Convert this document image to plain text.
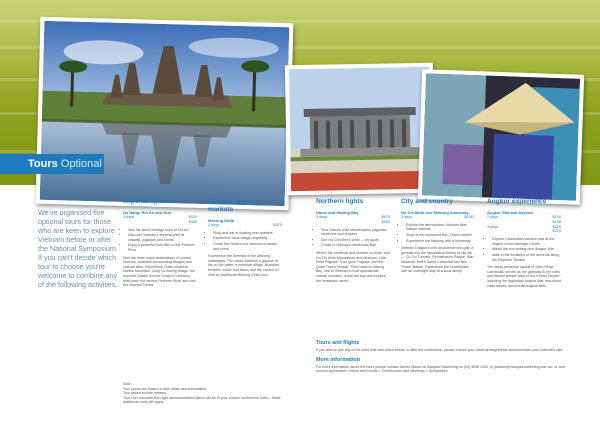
Tours Optional
We've organised five optional tours for those who are keen to explore Vietnam before or after the National Symposium. If you can't decide which tour to choose you're welcome to combine any of the following activities.
Imperial splendour
Da Nang, Hoi An and Hue
3 days	$420
$365
• Visit the world heritage town of Hoi An
• Discover Vietnam's imperial past at citadels, pagodas and tombs
• Enjoy a peaceful boat ride on the Perfume River

Visit the three major destinations of central Vietnam, beautiful surrounding villages and cultural sites. Experience Cham Museum, Marble Mountain, Lang Co fishing village, the Imperial Citadel (former Kings of Vietnam), float down the serene Perfume River and visit the Imperial Tombs.

Mekong and the markets
Mekong Delta
2 days	$375
• Shop and eat at floating river markets
• Experience local village hospitality
• Cruise the Delta's rich network of canals and rivers

Experience the diversity of the Mekong waterways. The cruise features a glimpse of life on the water, a riverside village, Buddhist temples, exotic fruit farms and the chance to dine on traditional Mekong Delta food.

Northern lights
Hanoi and Halong Bay
3 days	$675
$655
• Tour Hanoi's vivid streetscapes, pagodas, museums and temples
• See Ho Chi Minh's tomb — by quote
• Cruise to Halong's mysterious Bay

Where the medieval and modern co-exist, visit Ho Chi Minh Mausoleum and Museum, One Pillar Pagoda, Tran Quoc Pagoda, and the Quan Thanh Temple. Then head to Halong Bay, one of Vietnam's most spectacular natural wonders, cruise the bay and explore the limestone caves.

City and country
Ho Chi Minh and Mekong homestay
3 days	$1067
• Explore the atmospheric Vietnam Wall Saloon markets
• Shop at the renowned Ben Thanh market
• Experience the Mekong with a homestay

Vietnam Dragon's lush decadence and gain a glimpse into the fascinating history of city life — Cu Chi Tunnels, Reunification Palace, War Museum, Notre Dame Cathedral and Ben Thanh Market. Experience the countryside with an overnight stay at a local family.

Angkor experience
Angkor Wat and beyond
2 days	$194
$198
3 days	$225
$229
• Explore Cambodia's ancient past at the Angkor World Heritage Centre
• Watch the sun setting over Angkor Wat
• Walk in the footsteps of the ancients along the Elephant Terrace

The small provincial capital of Siem Reap, Cambodia, serves as the gateway to the ruins and sacred temple ruins of the Khmer Empire, including the legendary Angkor Wat, and world class artistic and archaeological sites.

Note
Tour prices are based on twin share accommodation.
Tour prices include airfares.
Tour cost excludes first night accommodation which will be in your chosen conference hotel – these additional costs will apply.
Tours and flights

If you wish to join any of the tours that take place before or after the conference, please ensure your travel arrangements accommodate your extended visit.

More information

For more information about the tours please contact James Mason at Marquee Marketing on (03) 9695 2000, or jmason@marqueemarketing.com.au, or visit tourism.ay/member->News and events > Conferences and Meetings > Symposium.
